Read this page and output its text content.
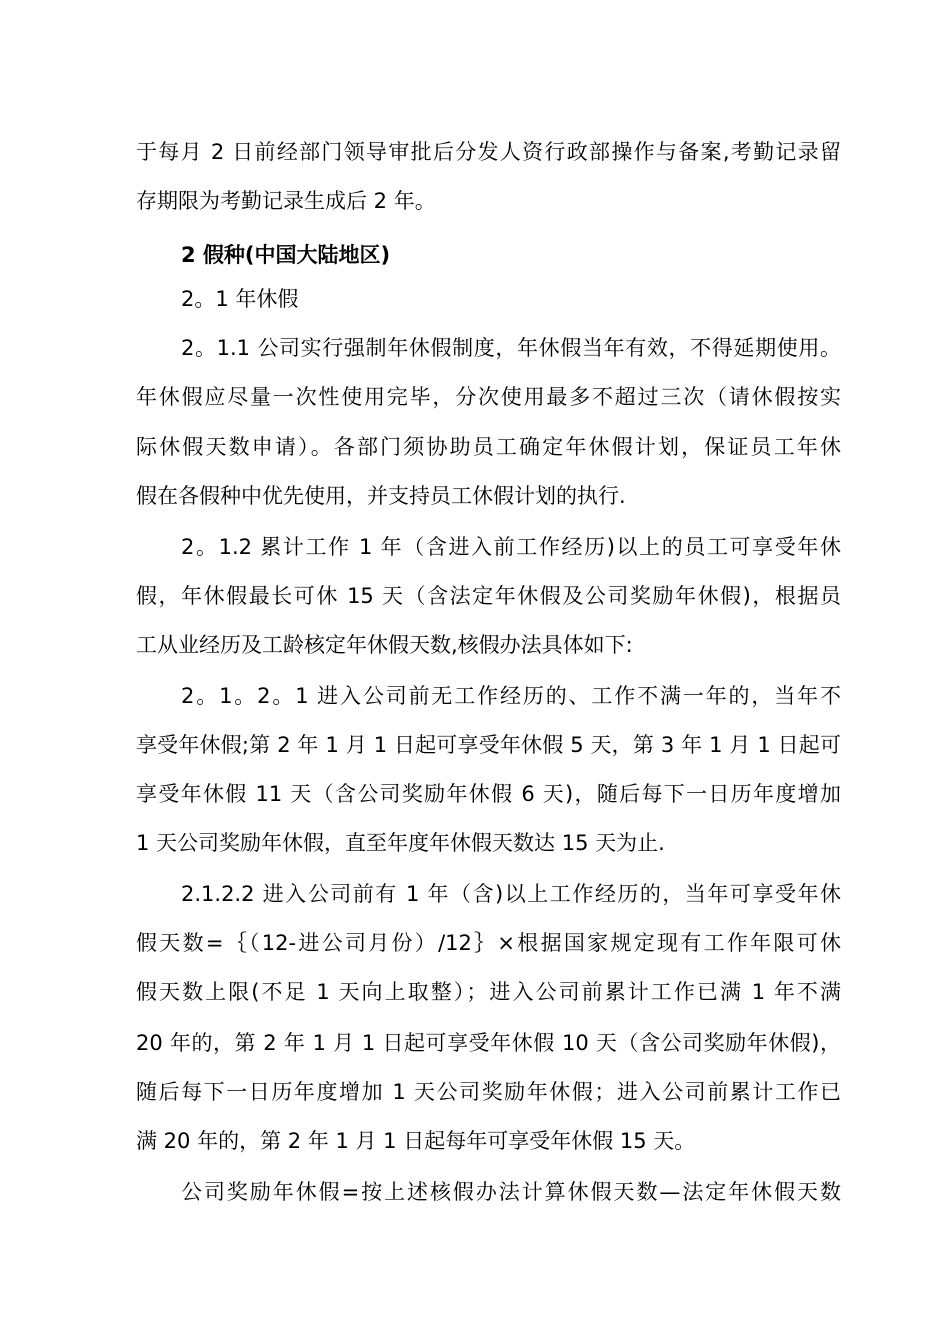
于每月 2 日前经部门领导审批后分发人资行政部操作与备案,考勤记录留
存期限为考勤记录生成后 2 年。
2 假种(中国大陆地区)
2。1 年休假
2。1.1 公司实行强制年休假制度，年休假当年有效，不得延期使用。
年休假应尽量一次性使用完毕，分次使用最多不超过三次（请休假按实
际休假天数申请）。各部门须协助员工确定年休假计划，保证员工年休
假在各假种中优先使用，并支持员工休假计划的执行.
2。1.2 累计工作 1 年（含进入前工作经历)以上的员工可享受年休
假，年休假最长可休 15 天（含法定年休假及公司奖励年休假)，根据员
工从业经历及工龄核定年休假天数,核假办法具体如下:
2。1。2。1 进入公司前无工作经历的、工作不满一年的，当年不
享受年休假;第 2 年 1 月 1 日起可享受年休假 5 天，第 3 年 1 月 1 日起可
享受年休假 11 天（含公司奖励年休假 6 天)，随后每下一日历年度增加
1 天公司奖励年休假，直至年度年休假天数达 15 天为止.
2.1.2.2 进入公司前有 1 年（含)以上工作经历的，当年可享受年休
假天数=｛（12-进公司月份）/12｝×根据国家规定现有工作年限可休
假天数上限(不足 1 天向上取整）；进入公司前累计工作已满 1 年不满
20 年的，第 2 年 1 月 1 日起可享受年休假 10 天（含公司奖励年休假)，
随后每下一日历年度增加 1 天公司奖励年休假；进入公司前累计工作已
满 20 年的，第 2 年 1 月 1 日起每年可享受年休假 15 天。
公司奖励年休假=按上述核假办法计算休假天数—法定年休假天数
